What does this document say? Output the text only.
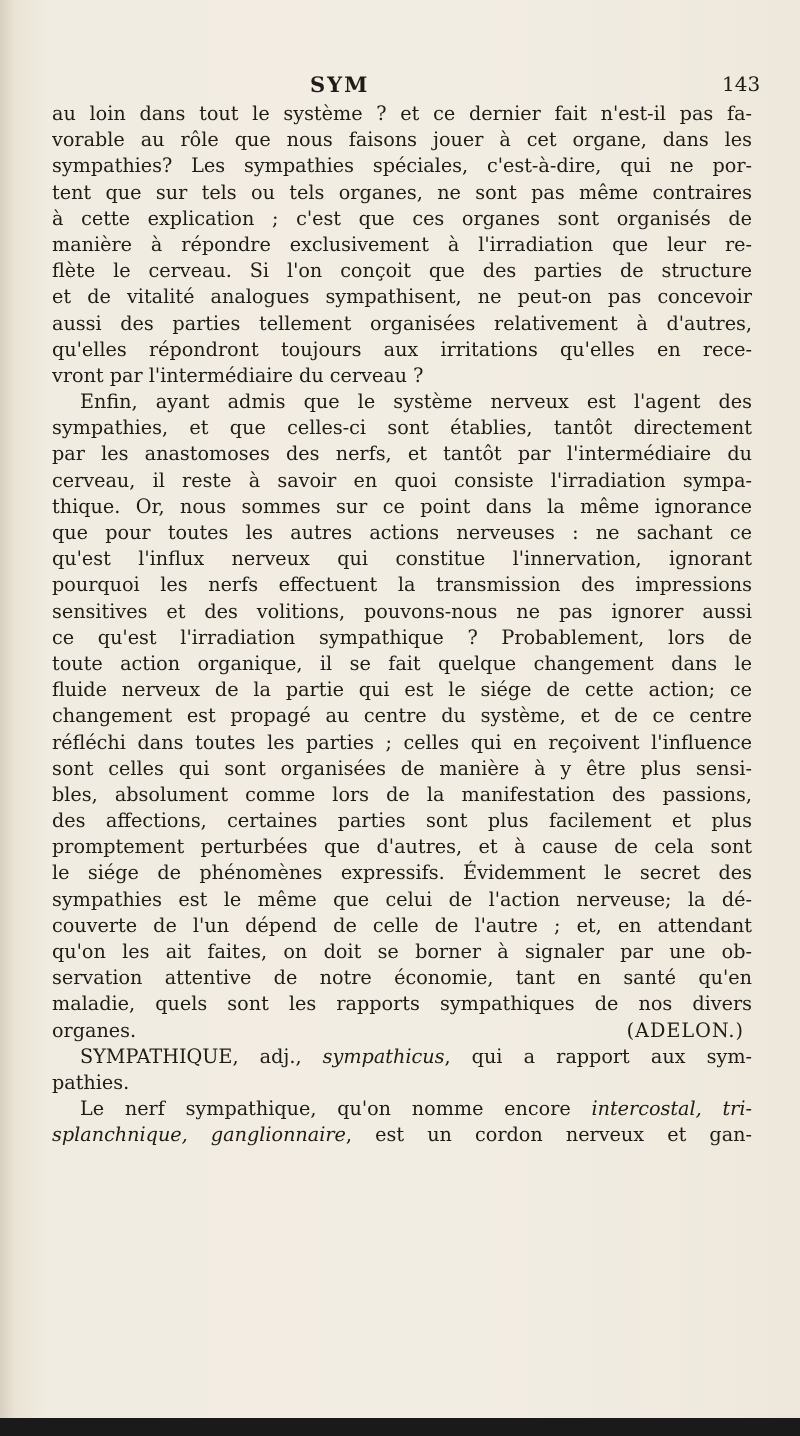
SYM	143
au loin dans tout le système ? et ce dernier fait n'est-il pas fa-
vorable au rôle que nous faisons jouer à cet organe, dans les
sympathies? Les sympathies spéciales, c'est-à-dire, qui ne por-
tent que sur tels ou tels organes, ne sont pas même contraires
à cette explication ; c'est que ces organes sont organisés de
manière à répondre exclusivement à l'irradiation que leur re-
flète le cerveau. Si l'on conçoit que des parties de structure
et de vitalité analogues sympathisent, ne peut-on pas concevoir
aussi des parties tellement organisées relativement à d'autres,
qu'elles répondront toujours aux irritations qu'elles en rece-
vront par l'intermédiaire du cerveau ?
Enfin, ayant admis que le système nerveux est l'agent des
sympathies, et que celles-ci sont établies, tantôt directement
par les anastomoses des nerfs, et tantôt par l'intermédiaire du
cerveau, il reste à savoir en quoi consiste l'irradiation sympa-
thique. Or, nous sommes sur ce point dans la même ignorance
que pour toutes les autres actions nerveuses : ne sachant ce
qu'est l'influx nerveux qui constitue l'innervation, ignorant
pourquoi les nerfs effectuent la transmission des impressions
sensitives et des volitions, pouvons-nous ne pas ignorer aussi
ce qu'est l'irradiation sympathique ? Probablement, lors de
toute action organique, il se fait quelque changement dans le
fluide nerveux de la partie qui est le siége de cette action; ce
changement est propagé au centre du système, et de ce centre
réfléchi dans toutes les parties ; celles qui en reçoivent l'influence
sont celles qui sont organisées de manière à y être plus sensi-
bles, absolument comme lors de la manifestation des passions,
des affections, certaines parties sont plus facilement et plus
promptement perturbées que d'autres, et à cause de cela sont
le siége de phénomènes expressifs. Évidemment le secret des
sympathies est le même que celui de l'action nerveuse; la dé-
couverte de l'un dépend de celle de l'autre ; et, en attendant
qu'on les ait faites, on doit se borner à signaler par une ob-
servation attentive de notre économie, tant en santé qu'en
maladie, quels sont les rapports sympathiques de nos divers
organes.	(ADELON.)
SYMPATHIQUE, adj., sympathicus, qui a rapport aux sym-
pathies.
Le nerf sympathique, qu'on nomme encore intercostal, tri-
splanchnique, ganglionnaire, est un cordon nerveux et gan-
